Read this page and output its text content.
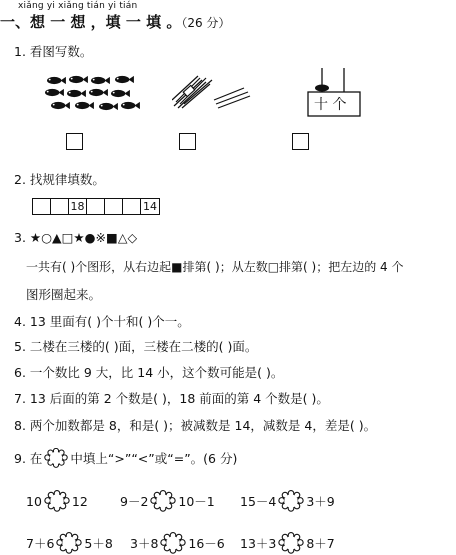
xiǎng yi xiǎng tián yi tián
一、想 一 想 ，填 一 填 。（26 分）
1. 看图写数。
十 个
2. 找规律填数。
18	14
3. ★○▲□★●※■△◇
一共有( )个图形，从右边起■排第( )；从左数□排第( )；把左边的 4 个
图形圈起来。
4. 13 里面有( )个十和( )个一。
5. 二楼在三楼的( )面，三楼在二楼的( )面。
6. 一个数比 9 大，比 14 小，这个数可能是( )。
7. 13 后面的第 2 个数是( )，18 前面的第 4 个数是( )。
8. 两个加数都是 8，和是( )；被减数是 14，减数是 4，差是( )。
9. 在 中填上“>”“<”或“=”。(6 分)
10 12	9－2 10－1 15－4 3＋9
7＋6 5＋8 3＋8 16－6 13＋3 8＋7
